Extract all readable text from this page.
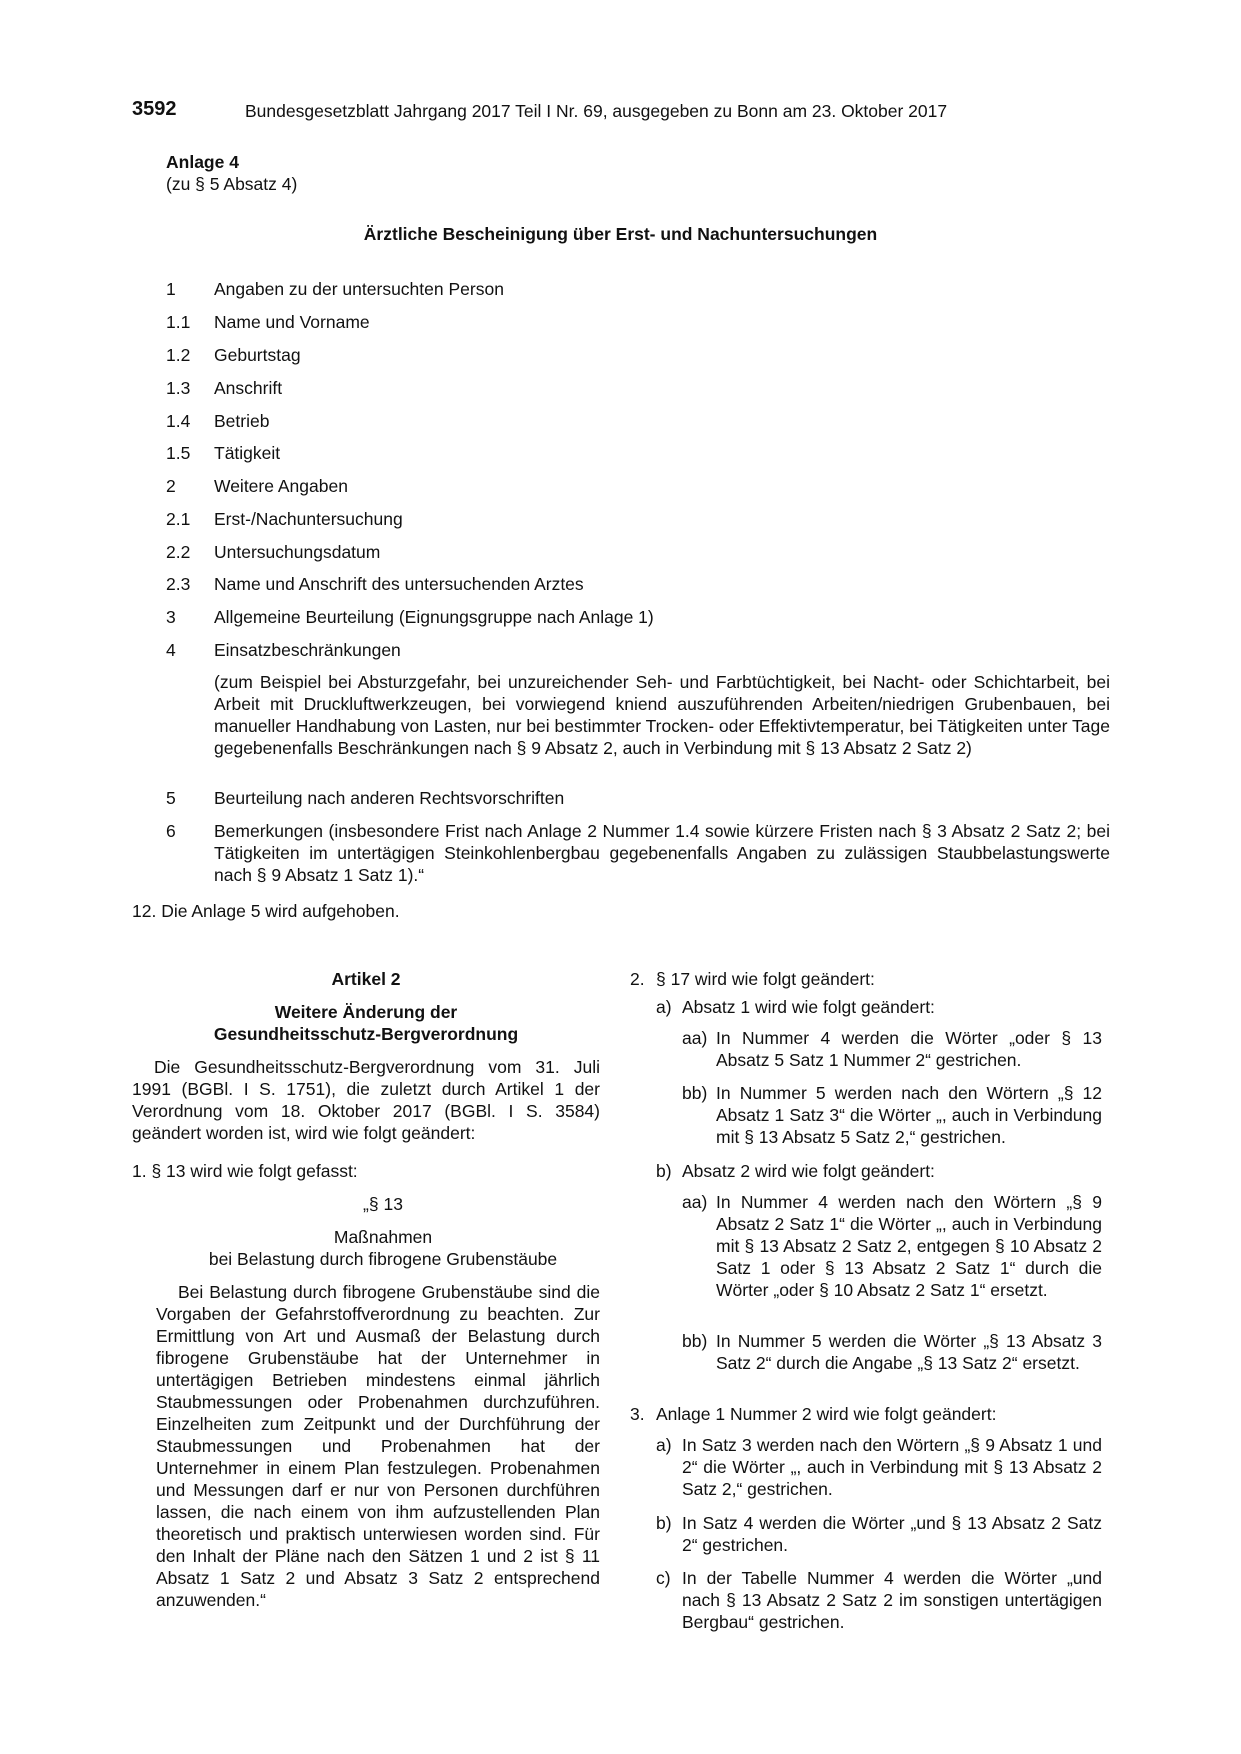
3592	Bundesgesetzblatt Jahrgang 2017 Teil I Nr. 69, ausgegeben zu Bonn am 23. Oktober 2017
Anlage 4
(zu § 5 Absatz 4)
Ärztliche Bescheinigung über Erst- und Nachuntersuchungen
1 Angaben zu der untersuchten Person
1.1 Name und Vorname
1.2 Geburtstag
1.3 Anschrift
1.4 Betrieb
1.5 Tätigkeit
2 Weitere Angaben
2.1 Erst-/Nachuntersuchung
2.2 Untersuchungsdatum
2.3 Name und Anschrift des untersuchenden Arztes
3 Allgemeine Beurteilung (Eignungsgruppe nach Anlage 1)
4 Einsatzbeschränkungen
(zum Beispiel bei Absturzgefahr, bei unzureichender Seh- und Farbtüchtigkeit, bei Nacht- oder Schichtarbeit, bei Arbeit mit Druckluftwerkzeugen, bei vorwiegend kniend auszuführenden Arbeiten/niedrigen Grubenbauen, bei manueller Handhabung von Lasten, nur bei bestimmter Trocken- oder Effektivtemperatur, bei Tätigkeiten unter Tage gegebenenfalls Beschränkungen nach § 9 Absatz 2, auch in Verbindung mit § 13 Absatz 2 Satz 2)
5 Beurteilung nach anderen Rechtsvorschriften
6 Bemerkungen (insbesondere Frist nach Anlage 2 Nummer 1.4 sowie kürzere Fristen nach § 3 Absatz 2 Satz 2; bei Tätigkeiten im untertägigen Steinkohlenbergbau gegebenenfalls Angaben zu zulässigen Staubbelastungswerte nach § 9 Absatz 1 Satz 1).“
12. Die Anlage 5 wird aufgehoben.
Artikel 2
Weitere Änderung der
Gesundheitsschutz-Bergverordnung
Die Gesundheitsschutz-Bergverordnung vom 31. Juli 1991 (BGBl. I S. 1751), die zuletzt durch Artikel 1 der Verordnung vom 18. Oktober 2017 (BGBl. I S. 3584) geändert worden ist, wird wie folgt geändert:
1. § 13 wird wie folgt gefasst:
„§ 13
Maßnahmen
bei Belastung durch fibrogene Grubenstäube
Bei Belastung durch fibrogene Grubenstäube sind die Vorgaben der Gefahrstoffverordnung zu beachten. Zur Ermittlung von Art und Ausmaß der Belastung durch fibrogene Grubenstäube hat der Unternehmer in untertägigen Betrieben mindestens einmal jährlich Staubmessungen oder Probenahmen durchzuführen. Einzelheiten zum Zeitpunkt und der Durchführung der Staubmessungen und Probenahmen hat der Unternehmer in einem Plan festzulegen. Probenahmen und Messungen darf er nur von Personen durchführen lassen, die nach einem von ihm aufzustellenden Plan theoretisch und praktisch unterwiesen worden sind. Für den Inhalt der Pläne nach den Sätzen 1 und 2 ist § 11 Absatz 1 Satz 2 und Absatz 3 Satz 2 entsprechend anzuwenden.“
2. § 17 wird wie folgt geändert:
a) Absatz 1 wird wie folgt geändert:
aa) In Nummer 4 werden die Wörter „oder § 13 Absatz 5 Satz 1 Nummer 2“ gestrichen.
bb) In Nummer 5 werden nach den Wörtern „§ 12 Absatz 1 Satz 3“ die Wörter „, auch in Verbindung mit § 13 Absatz 5 Satz 2,“ gestrichen.
b) Absatz 2 wird wie folgt geändert:
aa) In Nummer 4 werden nach den Wörtern „§ 9 Absatz 2 Satz 1“ die Wörter „, auch in Verbindung mit § 13 Absatz 2 Satz 2, entgegen § 10 Absatz 2 Satz 1 oder § 13 Absatz 2 Satz 1“ durch die Wörter „oder § 10 Absatz 2 Satz 1“ ersetzt.
bb) In Nummer 5 werden die Wörter „§ 13 Absatz 3 Satz 2“ durch die Angabe „§ 13 Satz 2“ ersetzt.
3. Anlage 1 Nummer 2 wird wie folgt geändert:
a) In Satz 3 werden nach den Wörtern „§ 9 Absatz 1 und 2“ die Wörter „, auch in Verbindung mit § 13 Absatz 2 Satz 2,“ gestrichen.
b) In Satz 4 werden die Wörter „und § 13 Absatz 2 Satz 2“ gestrichen.
c) In der Tabelle Nummer 4 werden die Wörter „und nach § 13 Absatz 2 Satz 2 im sonstigen untertägigen Bergbau“ gestrichen.
